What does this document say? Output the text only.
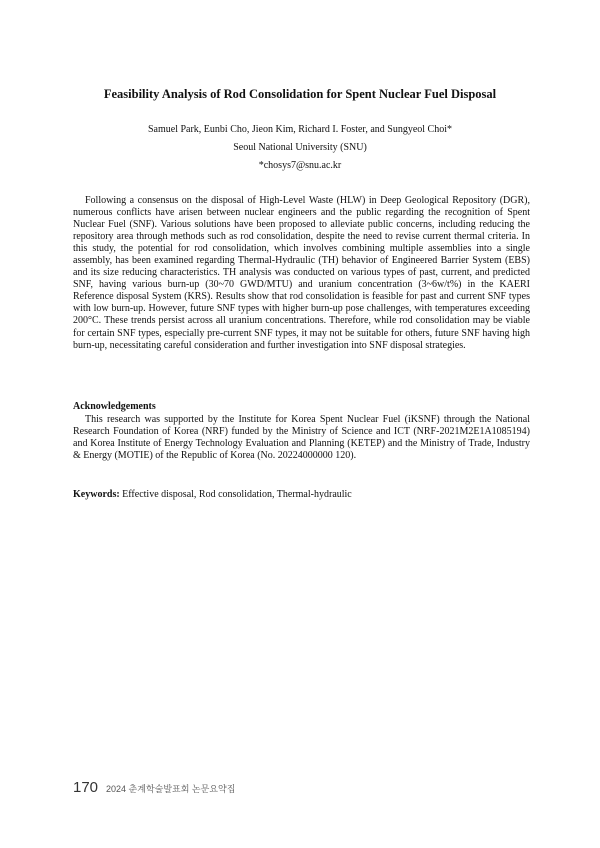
Feasibility Analysis of Rod Consolidation for Spent Nuclear Fuel Disposal
Samuel Park, Eunbi Cho, Jieon Kim, Richard I. Foster, and Sungyeol Choi*
Seoul National University (SNU)
*chosys7@snu.ac.kr

Following a consensus on the disposal of High-Level Waste (HLW) in Deep Geological Repository (DGR), numerous conflicts have arisen between nuclear engineers and the public regarding the recognition of Spent Nuclear Fuel (SNF). Various solutions have been proposed to alleviate public concerns, including reducing the repository area through methods such as rod consolidation, despite the need to revise current thermal criteria. In this study, the potential for rod consolidation, which involves combining multiple assemblies into a single assembly, has been examined regarding Thermal-Hydraulic (TH) behavior of Engineered Barrier System (EBS) and its size reducing characteristics. TH analysis was conducted on various types of past, current, and predicted SNF, having various burn-up (30~70 GWD/MTU) and uranium concentration (3~6w/t%) in the KAERI Reference disposal System (KRS). Results show that rod consolidation is feasible for past and current SNF types with low burn-up. However, future SNF types with higher burn-up pose challenges, with temperatures exceeding 200°C. These trends persist across all uranium concentrations. Therefore, while rod consolidation may be viable for certain SNF types, especially pre-current SNF types, it may not be suitable for others, future SNF having high burn-up, necessitating careful consideration and further investigation into SNF disposal strategies.

Acknowledgements

This research was supported by the Institute for Korea Spent Nuclear Fuel (iKSNF) through the National Research Foundation of Korea (NRF) funded by the Ministry of Science and ICT (NRF-2021M2E1A1085194) and Korea Institute of Energy Technology Evaluation and Planning (KETEP) and the Ministry of Trade, Industry & Energy (MOTIE) of the Republic of Korea (No. 20224000000 120).

Keywords: Effective disposal, Rod consolidation, Thermal-hydraulic
170 2024 춘계학술발표회 논문요약집
